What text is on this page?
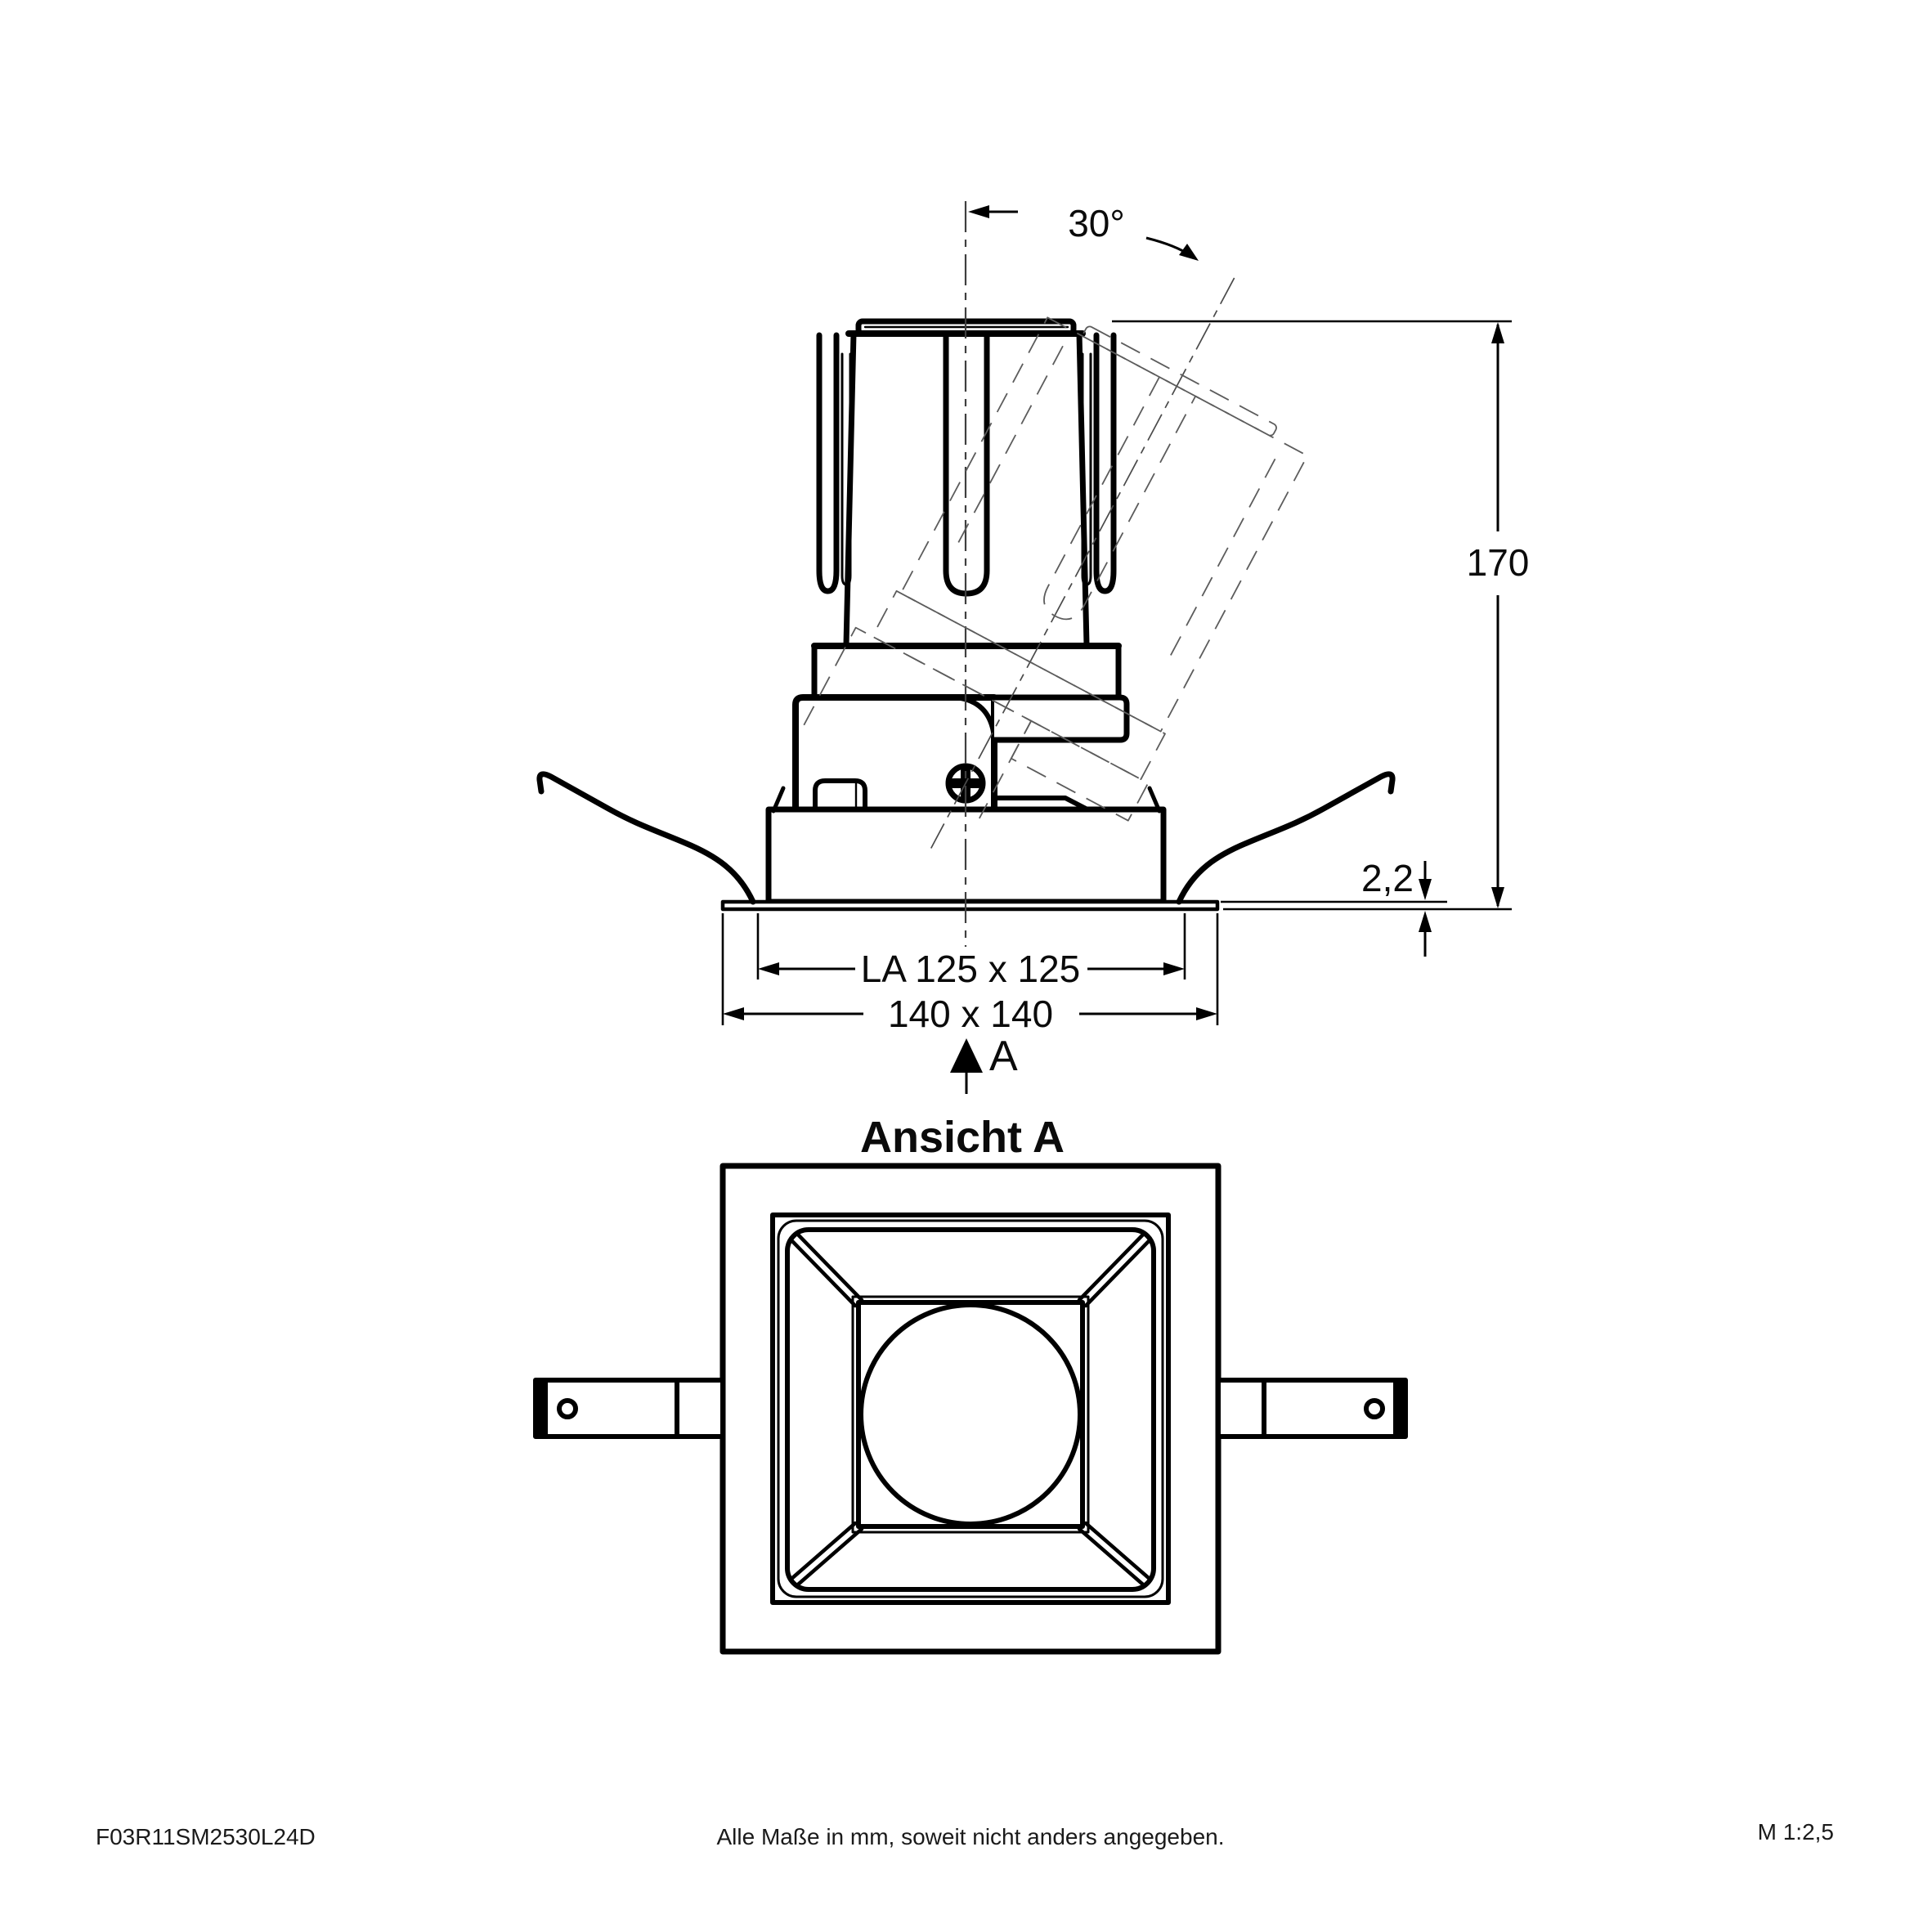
30°
170
2,2
LA 125 x 125
140 x 140
A
Ansicht A
F03R11SM2530L24D	Alle Maße in mm, soweit nicht anders angegeben.	M 1:2,5
